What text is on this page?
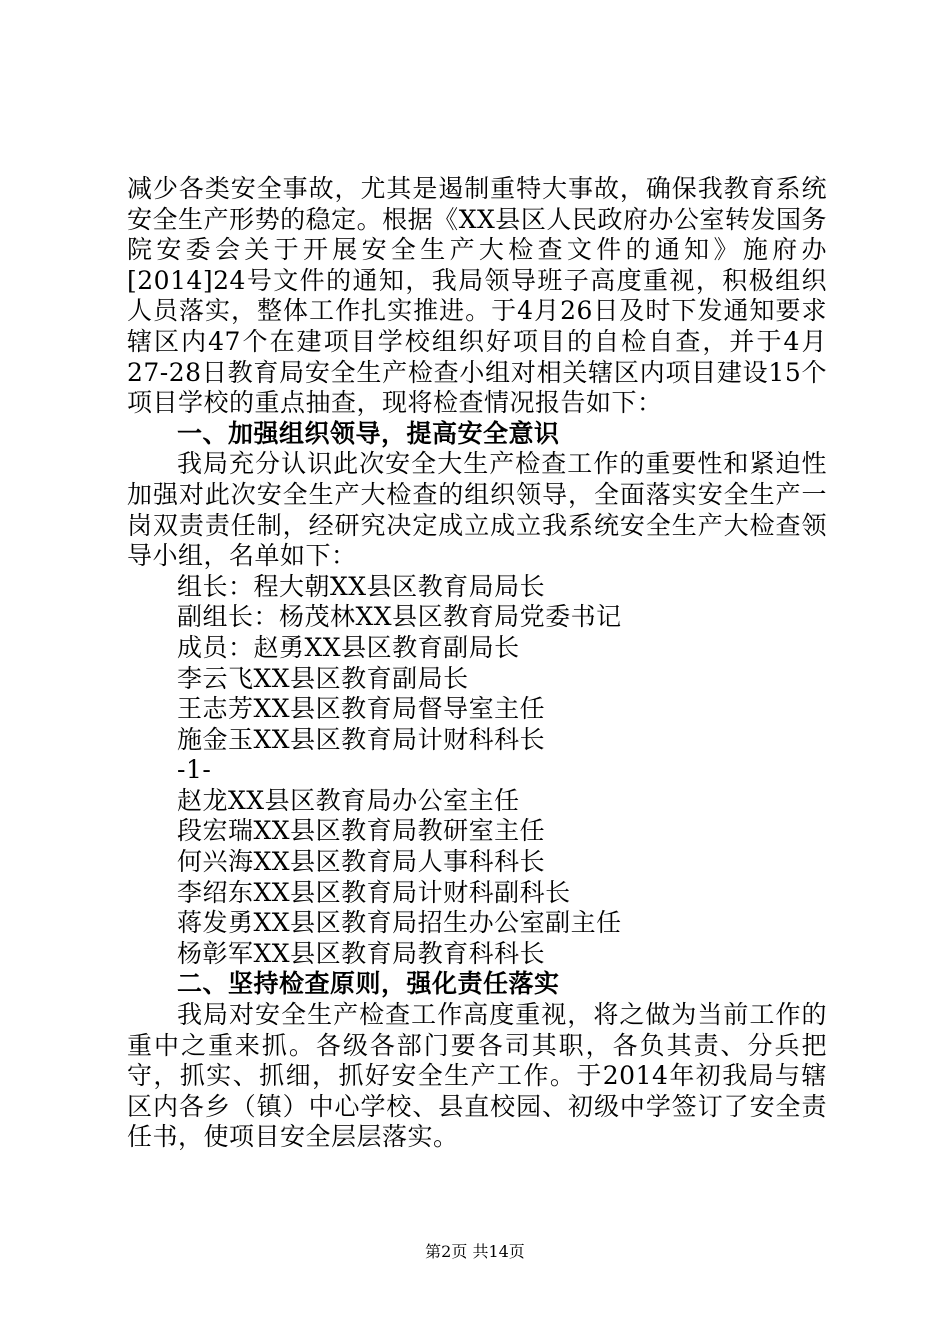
减少各类安全事故，尤其是遏制重特大事故，确保我教育系统安全生产形势的稳定。根据《XX县区人民政府办公室转发国务院安委会关于开展安全生产大检查文件的通知》施府办[2014]24号文件的通知，我局领导班子高度重视，积极组织人员落实，整体工作扎实推进。于4月26日及时下发通知要求辖区内47个在建项目学校组织好项目的自检自查，并于4月27-28日教育局安全生产检查小组对相关辖区内项目建设15个项目学校的重点抽查，现将检查情况报告如下：

一、加强组织领导，提高安全意识

我局充分认识此次安全大生产检查工作的重要性和紧迫性加强对此次安全生产大检查的组织领导，全面落实安全生产一岗双责责任制，经研究决定成立成立我系统安全生产大检查领导小组，名单如下：

组长：程大朝XX县区教育局局长

副组长：杨茂林XX县区教育局党委书记

成员：赵勇XX县区教育副局长

李云飞XX县区教育副局长

王志芳XX县区教育局督导室主任

施金玉XX县区教育局计财科科长

-1-

赵龙XX县区教育局办公室主任

段宏瑞XX县区教育局教研室主任

何兴海XX县区教育局人事科科长

李绍东XX县区教育局计财科副科长

蒋发勇XX县区教育局招生办公室副主任

杨彰军XX县区教育局教育科科长

二、坚持检查原则，强化责任落实

我局对安全生产检查工作高度重视，将之做为当前工作的重中之重来抓。各级各部门要各司其职，各负其责、分兵把守，抓实、抓细，抓好安全生产工作。于2014年初我局与辖区内各乡（镇）中心学校、县直校园、初级中学签订了安全责任书，使项目安全层层落实。

第2页 共14页
